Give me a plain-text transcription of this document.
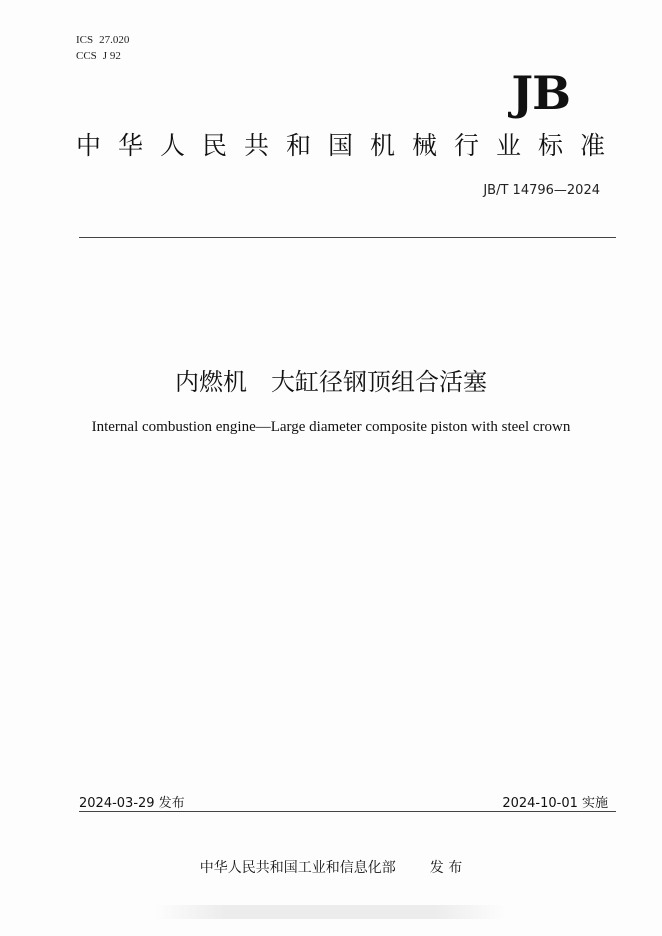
ICS 27.020
CCS J 92
JB
中华人民共和国机械行业标准
JB/T 14796—2024
内燃机　大缸径钢顶组合活塞
Internal combustion engine—Large diameter composite piston with steel crown
2024-03-29 发布	2024-10-01 实施
中华人民共和国工业和信息化部 发 布
